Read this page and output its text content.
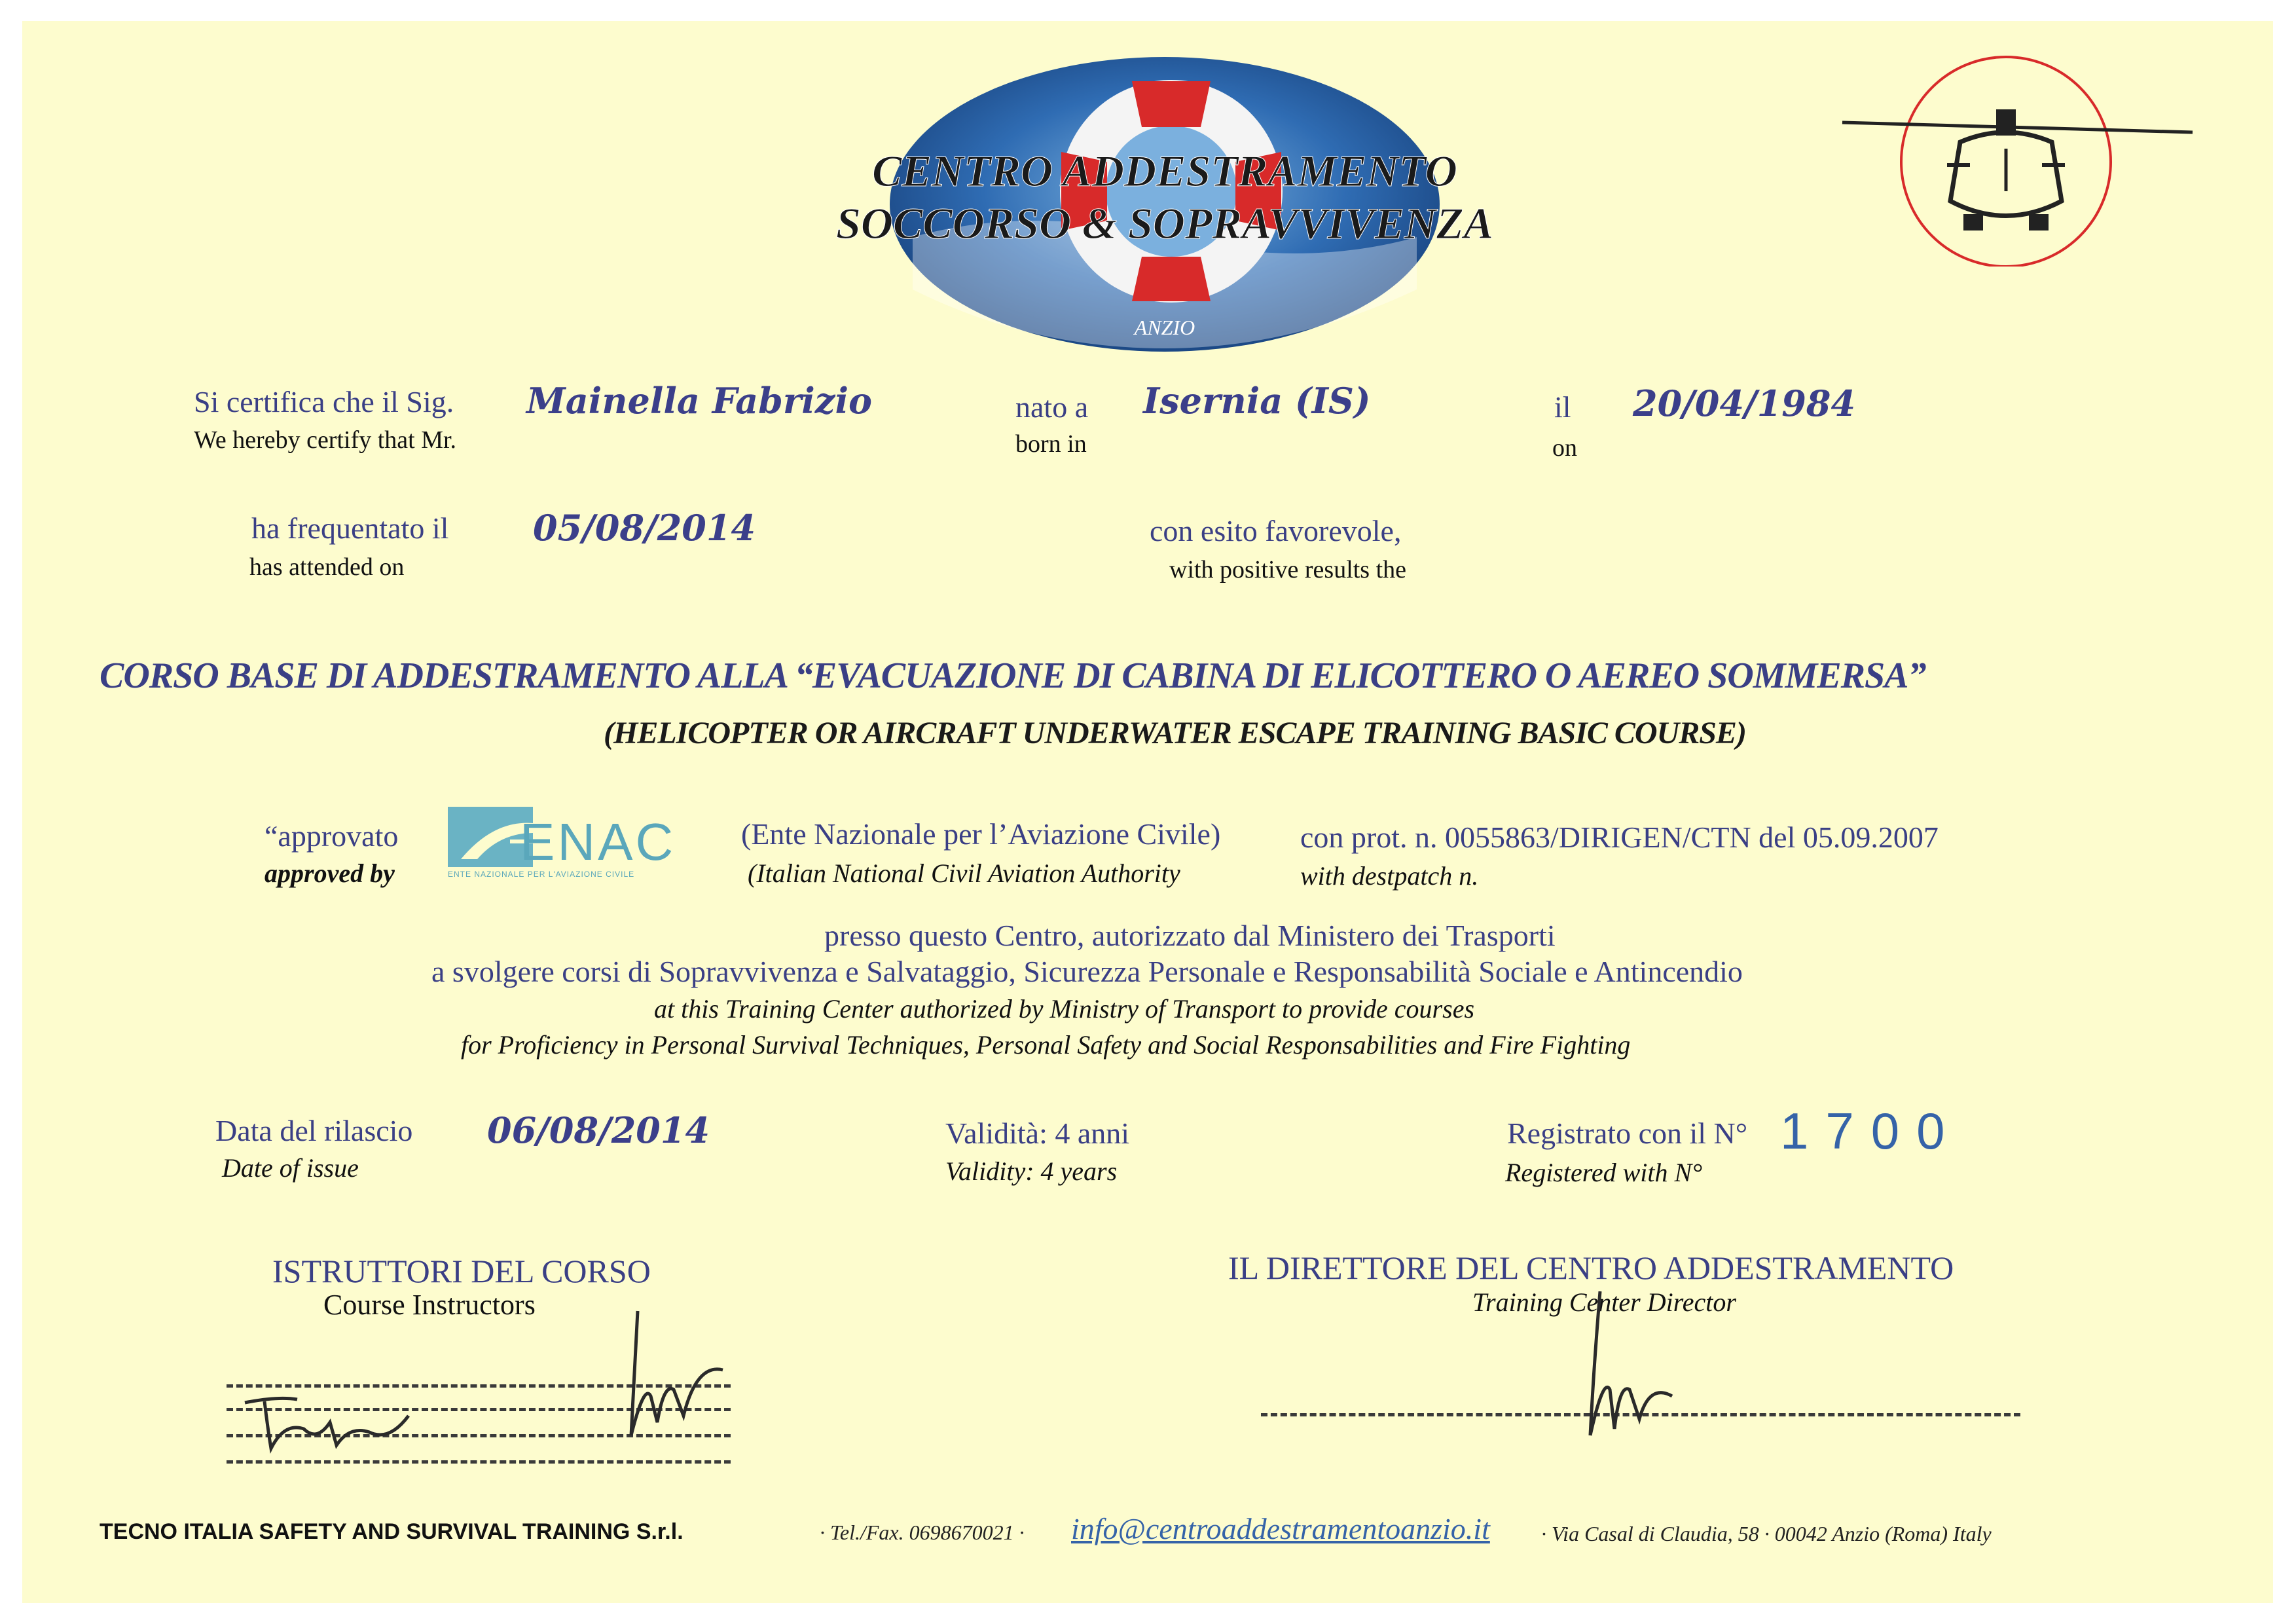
CENTRO ADDESTRAMENTO
SOCCORSO & SOPRAVVIVENZA
ANZIO
Si certifica che il Sig.
We hereby certify that Mr.
Mainella Fabrizio	nato a
born in
Isernia (IS)	il
on
20/04/1984
ha frequentato il
has attended on
05/08/2014	con esito favorevole,
with positive results the
CORSO BASE DI ADDESTRAMENTO ALLA “EVACUAZIONE DI CABINA DI ELICOTTERO O AEREO SOMMERSA”
(HELICOPTER OR AIRCRAFT UNDERWATER ESCAPE TRAINING BASIC COURSE)
“approvato
approved by
ENAC
ENTE NAZIONALE PER L'AVIAZIONE CIVILE
(Ente Nazionale per l’Aviazione Civile)
(Italian National Civil Aviation Authority
con prot. n. 0055863/DIRIGEN/CTN del 05.09.2007
with destpatch n.
presso questo Centro, autorizzato dal Ministero dei Trasporti
a svolgere corsi di Sopravvivenza e Salvataggio, Sicurezza Personale e Responsabilità Sociale e Antincendio
at this Training Center authorized by Ministry of Transport to provide courses
for Proficiency in Personal Survival Techniques, Personal Safety and Social Responsabilities and Fire Fighting
Data del rilascio
Date of issue
06/08/2014	Validità: 4 anni
Validity: 4 years
Registrato con il N°
Registered with N°
1700
ISTRUTTORI DEL CORSO
Course Instructors
IL DIRETTORE DEL CENTRO ADDESTRAMENTO
Training Center Director
TECNO ITALIA SAFETY AND SURVIVAL TRAINING S.r.l.	· Tel./Fax. 0698670021 · info@centroaddestramentoanzio.it · Via Casal di Claudia, 58 · 00042 Anzio (Roma) Italy
